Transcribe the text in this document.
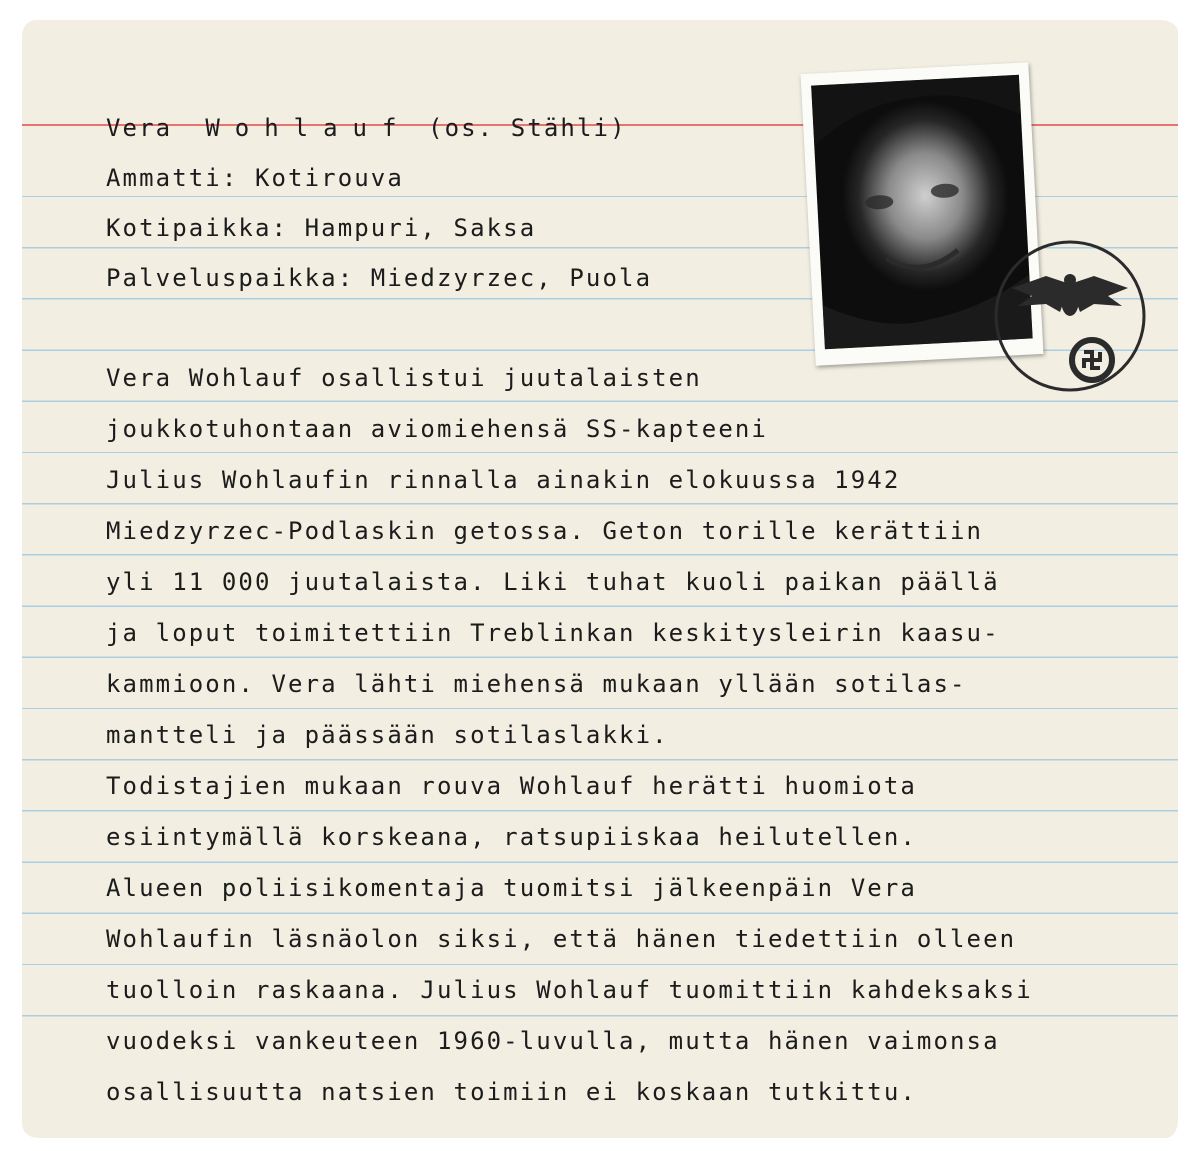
Vera Wohlauf (os. Stähli)

Ammatti: Kotirouva

Kotipaikka: Hampuri, Saksa

Palveluspaikka: Miedzyrzec, Puola

Vera Wohlauf osallistui juutalaisten

joukkotuhontaan aviomiehensä SS-kapteeni

Julius Wohlaufin rinnalla ainakin elokuussa 1942

Miedzyrzec-Podlaskin getossa. Geton torille kerättiin

yli 11 000 juutalaista. Liki tuhat kuoli paikan päällä

ja loput toimitettiin Treblinkan keskitysleirin kaasu-

kammioon. Vera lähti miehensä mukaan yllään sotilas-

mantteli ja päässään sotilaslakki.

Todistajien mukaan rouva Wohlauf herätti huomiota

esiintymällä korskeana, ratsupiiskaa heilutellen.

Alueen poliisikomentaja tuomitsi jälkeenpäin Vera

Wohlaufin läsnäolon siksi, että hänen tiedettiin olleen

tuolloin raskaana. Julius Wohlauf tuomittiin kahdeksaksi

vuodeksi vankeuteen 1960-luvulla, mutta hänen vaimonsa

osallisuutta natsien toimiin ei koskaan tutkittu.
